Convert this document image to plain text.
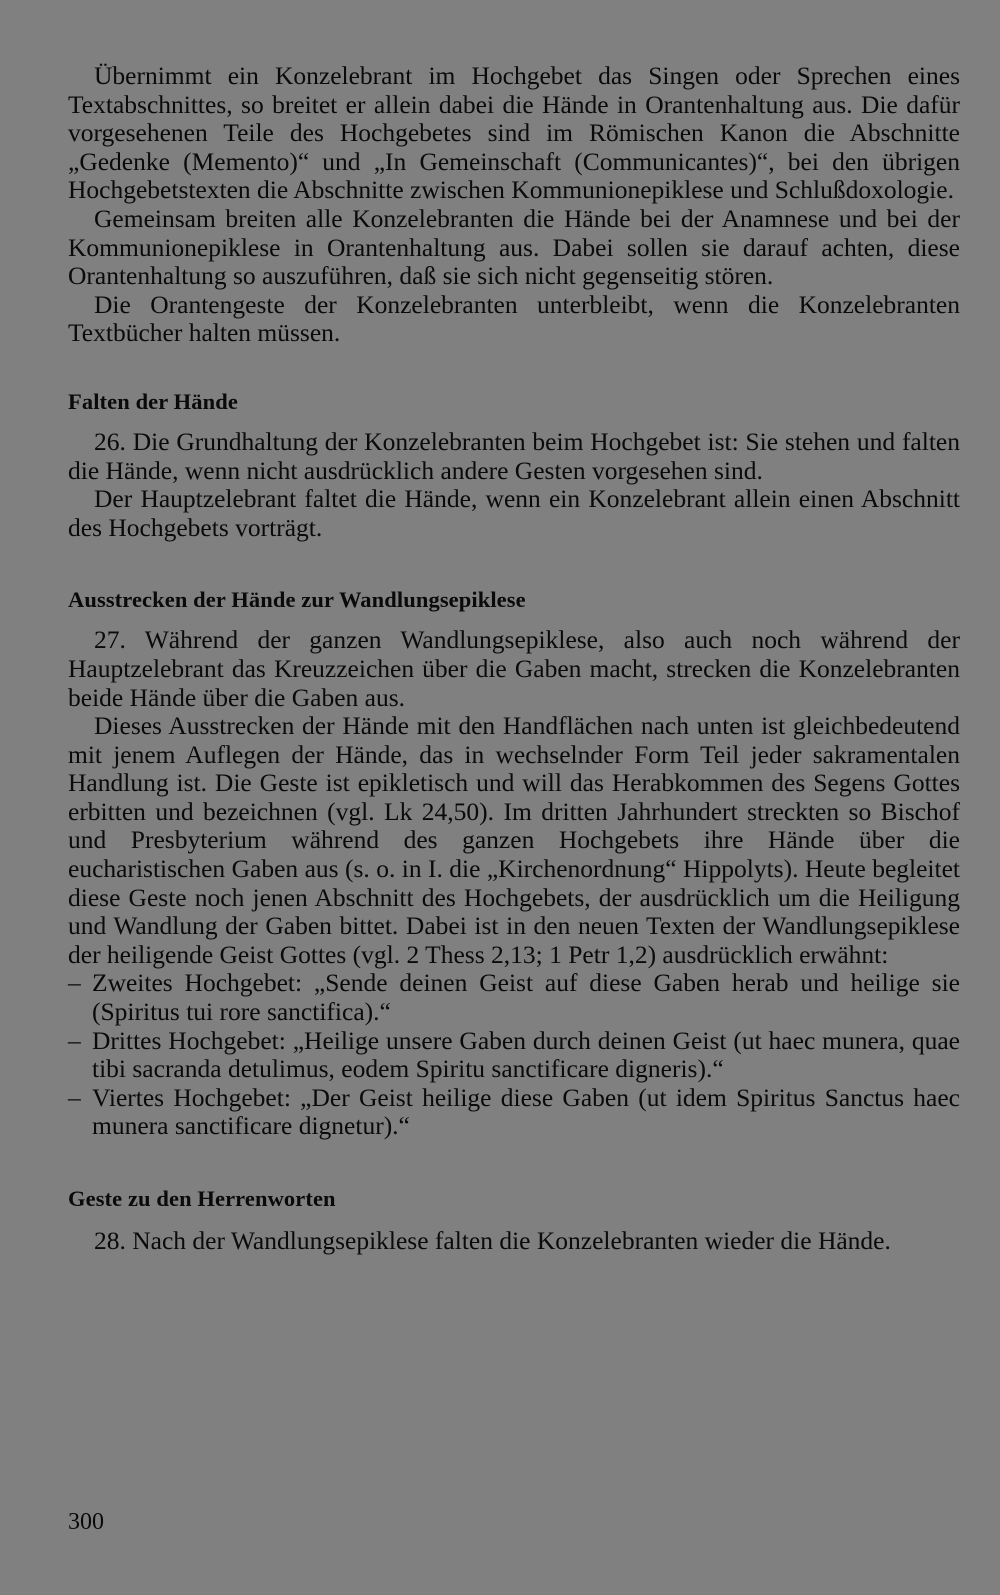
Übernimmt ein Konzelebrant im Hochgebet das Singen oder Sprechen eines Textabschnittes, so breitet er allein dabei die Hände in Orantenhaltung aus. Die dafür vorgesehenen Teile des Hochgebetes sind im Römischen Kanon die Abschnitte „Gedenke (Memento)“ und „In Gemeinschaft (Communicantes)“, bei den übrigen Hochgebetstexten die Abschnitte zwischen Kommunionepiklese und Schlußdoxologie.

Gemeinsam breiten alle Konzelebranten die Hände bei der Anamnese und bei der Kommunionepiklese in Orantenhaltung aus. Dabei sollen sie darauf achten, diese Orantenhaltung so auszuführen, daß sie sich nicht gegenseitig stören.

Die Orantengeste der Konzelebranten unterbleibt, wenn die Konzelebranten Textbücher halten müssen.

Falten der Hände

26. Die Grundhaltung der Konzelebranten beim Hochgebet ist: Sie stehen und falten die Hände, wenn nicht ausdrücklich andere Gesten vorgesehen sind.

Der Hauptzelebrant faltet die Hände, wenn ein Konzelebrant allein einen Abschnitt des Hochgebets vorträgt.

Ausstrecken der Hände zur Wandlungsepiklese

27. Während der ganzen Wandlungsepiklese, also auch noch während der Hauptzelebrant das Kreuzzeichen über die Gaben macht, strecken die Konzelebranten beide Hände über die Gaben aus.

Dieses Ausstrecken der Hände mit den Handflächen nach unten ist gleichbedeutend mit jenem Auflegen der Hände, das in wechselnder Form Teil jeder sakramentalen Handlung ist. Die Geste ist epikletisch und will das Herabkommen des Segens Gottes erbitten und bezeichnen (vgl. Lk 24,50). Im dritten Jahrhundert streckten so Bischof und Presbyterium während des ganzen Hochgebets ihre Hände über die eucharistischen Gaben aus (s. o. in I. die „Kirchenordnung“ Hippolyts). Heute begleitet diese Geste noch jenen Abschnitt des Hochgebets, der ausdrücklich um die Heiligung und Wandlung der Gaben bittet. Dabei ist in den neuen Texten der Wandlungsepiklese der heiligende Geist Gottes (vgl. 2 Thess 2,13; 1 Petr 1,2) ausdrücklich erwähnt:

– Zweites Hochgebet: „Sende deinen Geist auf diese Gaben herab und heilige sie (Spiritus tui rore sanctifica).“
– Drittes Hochgebet: „Heilige unsere Gaben durch deinen Geist (ut haec munera, quae tibi sacranda detulimus, eodem Spiritu sanctificare digneris).“
– Viertes Hochgebet: „Der Geist heilige diese Gaben (ut idem Spiritus Sanctus haec munera sanctificare dignetur).“
Geste zu den Herrenworten

28. Nach der Wandlungsepiklese falten die Konzelebranten wieder die Hände.

300
